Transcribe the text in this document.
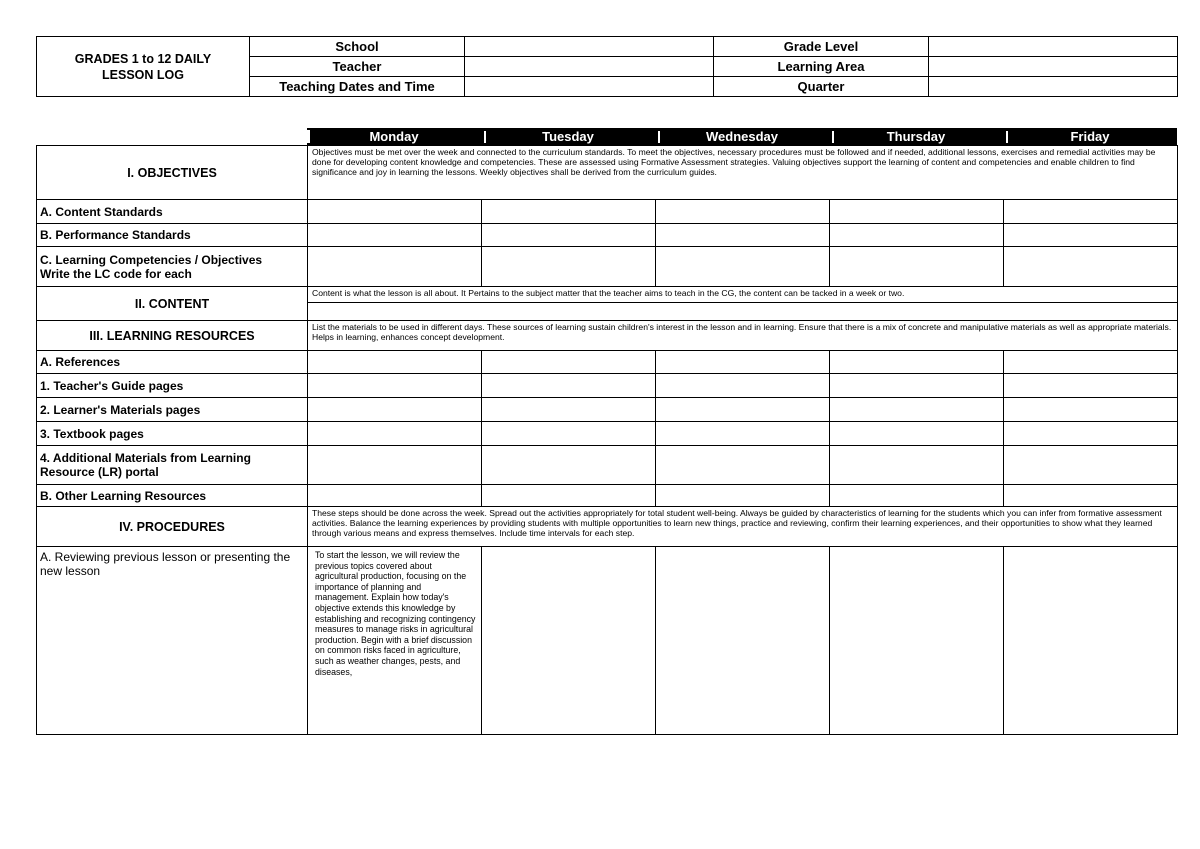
GRADES 1 to 12 DAILY
LESSON LOG	School		Grade Level	
	Teacher		Learning Area	
	Teaching Dates and Time		Quarter	
Monday	Tuesday	Wednesday	Thursday	Friday
I. OBJECTIVES	Objectives must be met over the week and connected to the curriculum standards. To meet the objectives, necessary procedures must be followed and if needed, additional lessons, exercises and remedial activities may be done for developing content knowledge and competencies. These are assessed using Formative Assessment strategies. Valuing objectives support the learning of content and competencies and enable children to find significance and joy in learning the lessons. Weekly objectives shall be derived from the curriculum guides.				
A. Content Standards					
B. Performance Standards					
C. Learning Competencies / Objectives
Write the LC code for each					
II. CONTENT	Content is what the lesson is all about. It Pertains to the subject matter that the teacher aims to teach in the CG, the content can be tacked in a week or two.				

III. LEARNING RESOURCES	List the materials to be used in different days. These sources of learning sustain children's interest in the lesson and in learning. Ensure that there is a mix of concrete and manipulative materials as well as appropriate materials. Helps in learning, enhances concept development.				
A. References					
1. Teacher's Guide pages					
2. Learner's Materials pages					
3. Textbook pages					
4. Additional Materials from Learning
Resource (LR) portal					
B. Other Learning Resources					
IV. PROCEDURES	These steps should be done across the week. Spread out the activities appropriately for total student well-being. Always be guided by characteristics of learning for the students which you can infer from formative assessment activities. Balance the learning experiences by providing students with multiple opportunities to learn new things, practice and reviewing, confirm their learning experiences, and their opportunities to show what they learned through various means and express themselves. Include time intervals for each step.				
A. Reviewing previous lesson or presenting the new lesson	To start the lesson, we will review the previous topics covered about agricultural production, focusing on the importance of planning and management. Explain how today's objective extends this knowledge by establishing and recognizing contingency measures to manage risks in agricultural production. Begin with a brief discussion on common risks faced in agriculture, such as weather changes, pests, and diseases,				
